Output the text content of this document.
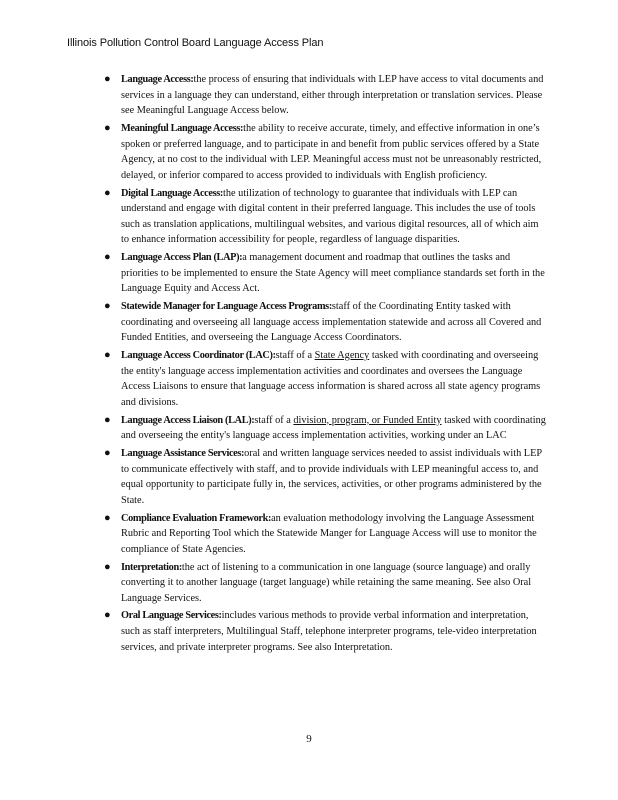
Illinois Pollution Control Board Language Access Plan
● Language Access:the process of ensuring that individuals with LEP have access to vital documents and services in a language they can understand, either through interpretation or translation services. Please see Meaningful Language Access below.
● Meaningful Language Access:the ability to receive accurate, timely, and effective information in one’s spoken or preferred language, and to participate in and benefit from public services offered by a State Agency, at no cost to the individual with LEP. Meaningful access must not be unreasonably restricted, delayed, or inferior compared to access provided to individuals with English proficiency.
● Digital Language Access:the utilization of technology to guarantee that individuals with LEP can understand and engage with digital content in their preferred language. This includes the use of tools such as translation applications, multilingual websites, and various digital resources, all of which aim to enhance information accessibility for people, regardless of language disparities.
● Language Access Plan (LAP):a management document and roadmap that outlines the tasks and priorities to be implemented to ensure the State Agency will meet compliance standards set forth in the Language Equity and Access Act.
● Statewide Manager for Language Access Programs:staff of the Coordinating Entity tasked with coordinating and overseeing all language access implementation statewide and across all Covered and Funded Entities, and overseeing the Language Access Coordinators.
● Language Access Coordinator (LAC):staff of a State Agency tasked with coordinating and overseeing the entity's language access implementation activities and coordinates and oversees the Language Access Liaisons to ensure that language access information is shared across all state agency programs and divisions.
● Language Access Liaison (LAL):staff of a division, program, or Funded Entity tasked with coordinating and overseeing the entity's language access implementation activities, working under an LAC
● Language Assistance Services:oral and written language services needed to assist individuals with LEP to communicate effectively with staff, and to provide individuals with LEP meaningful access to, and equal opportunity to participate fully in, the services, activities, or other programs administered by the State.
● Compliance Evaluation Framework:an evaluation methodology involving the Language Assessment Rubric and Reporting Tool which the Statewide Manger for Language Access will use to monitor the compliance of State Agencies.
● Interpretation:the act of listening to a communication in one language (source language) and orally converting it to another language (target language) while retaining the same meaning. See also Oral Language Services.
● Oral Language Services:includes various methods to provide verbal information and interpretation, such as staff interpreters, Multilingual Staff, telephone interpreter programs, tele-video interpretation services, and private interpreter programs. See also Interpretation.
9
